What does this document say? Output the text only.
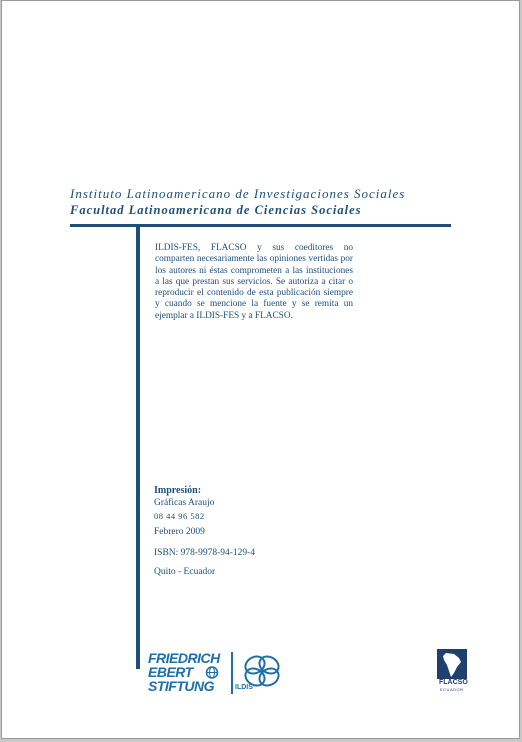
Instituto Latinoamericano de Investigaciones Sociales
Facultad Latinoamericana de Ciencias Sociales
ILDIS-FES, FLACSO y sus coeditores no comparten necesariamente las opiniones vertidas por los autores ni éstas comprometen a las instituciones a las que prestan sus servicios. Se autoriza a citar o reproducir el contenido de esta publicación siempre y cuando se mencione la fuente y se remita un ejemplar a ILDIS-FES y a FLACSO.
Impresión:
Gráficas Araujo
08 44 96 582
Febrero 2009
ISBN: 978-9978-94-129-4
Quito - Ecuador
FRIEDRICH
EBERT
STIFTUNG	ILDIS
FLACSO
ECUADOR
